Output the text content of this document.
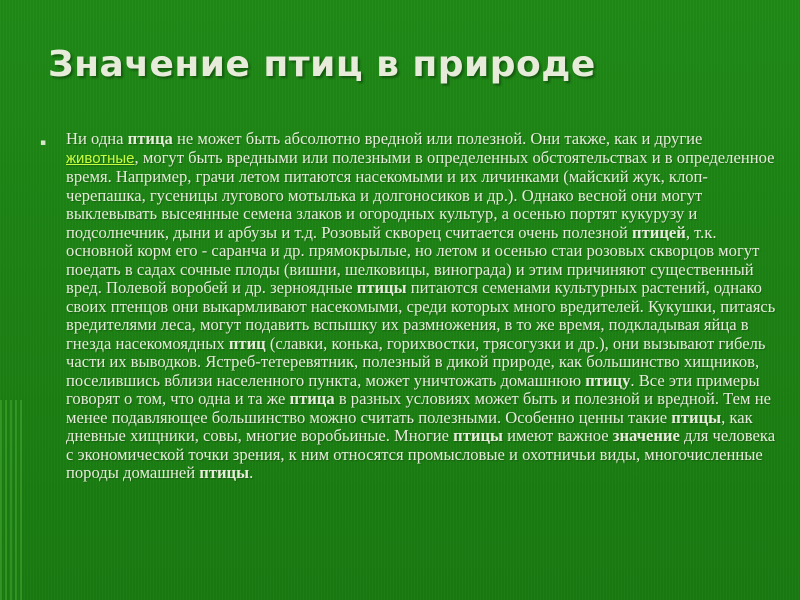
Значение птиц в природе
▪ Ни одна птица не может быть абсолютно вредной или полезной. Они также, как и другие животные, могут быть вредными или полезными в определенных обстоятельствах и в определенное время. Например, грачи летом питаются насекомыми и их личинками (майский жук, клоп-черепашка, гусеницы лугового мотылька и долгоносиков и др.). Однако весной они могут выклевывать высеянные семена злаков и огородных культур, а осенью портят кукурузу и подсолнечник, дыни и арбузы и т.д. Розовый скворец считается очень полезной птицей, т.к. основной корм его - саранча и др. прямокрылые, но летом и осенью стаи розовых скворцов могут поедать в садах сочные плоды (вишни, шелковицы, винограда) и этим причиняют существенный вред. Полевой воробей и др. зерноядные птицы питаются семенами культурных растений, однако своих птенцов они выкармливают насекомыми, среди которых много вредителей. Кукушки, питаясь вредителями леса, могут подавить вспышку их размножения, в то же время, подкладывая яйца в гнезда насекомоядных птиц (славки, конька, горихвостки, трясогузки и др.), они вызывают гибель части их выводков. Ястреб-тетеревятник, полезный в дикой природе, как большинство хищников, поселившись вблизи населенного пункта, может уничтожать домашнюю птицу. Все эти примеры говорят о том, что одна и та же птица в разных условиях может быть и полезной и вредной. Тем не менее подавляющее большинство можно считать полезными. Особенно ценны такие птицы, как дневные хищники, совы, многие воробьиные. Многие птицы имеют важное значение для человека с экономической точки зрения, к ним относятся промысловые и охотничьи виды, многочисленные породы домашней птицы.
